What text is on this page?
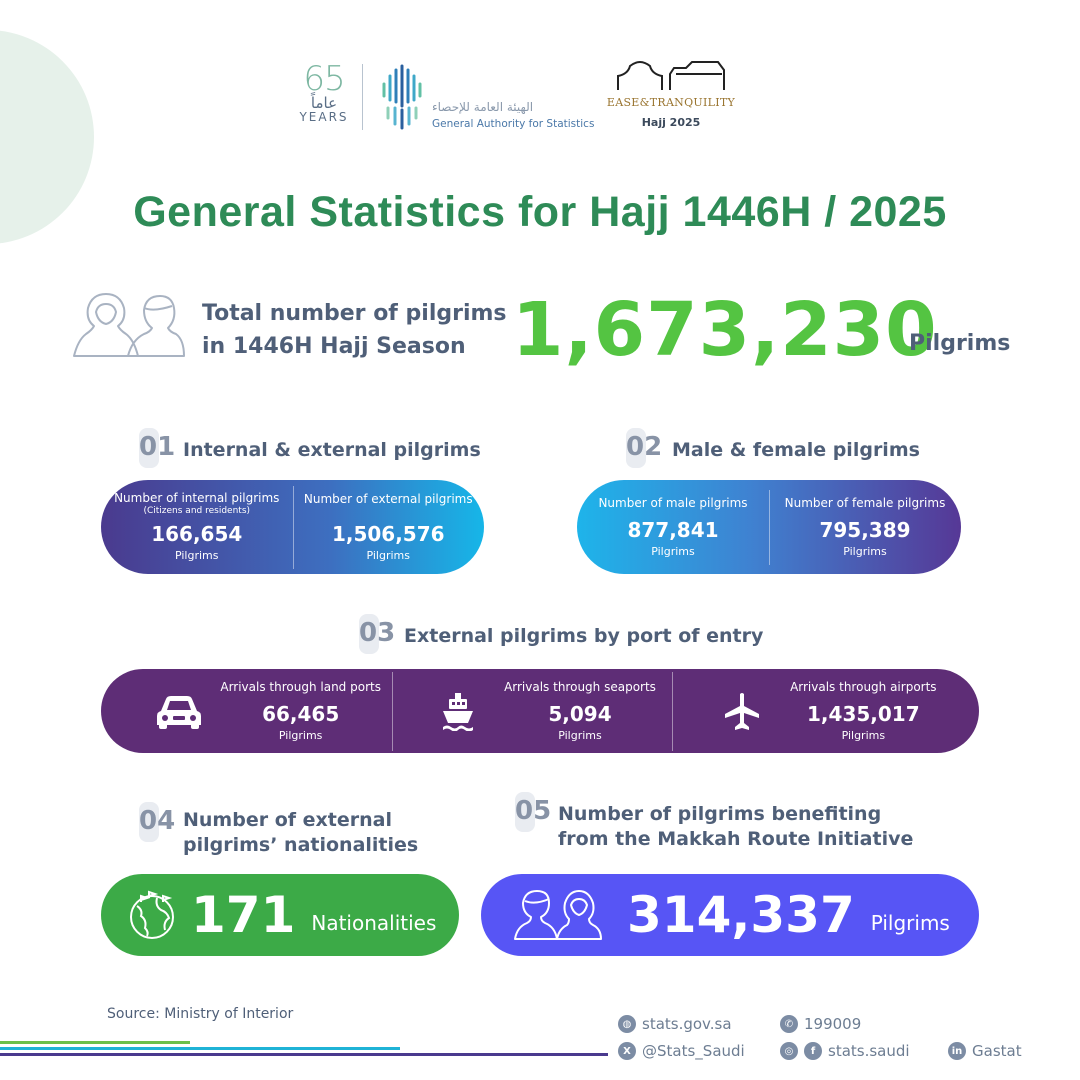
65
عاماً
YEARS
الهيئة العامة للإحصاء
General Authority for Statistics
EASE&TRANQUILITY
Hajj 2025
General Statistics for Hajj 1446H / 2025
Total number of pilgrims
in 1446H Hajj Season 1,673,230
Pilgrims
01 Internal & external pilgrims
Number of internal pilgrims
(Citizens and residents)
166,654
Pilgrims
Number of external pilgrims
1,506,576
Pilgrims
02 Male & female pilgrims
Number of male pilgrims
877,841
Pilgrims
Number of female pilgrims
795,389
Pilgrims
03 External pilgrims by port of entry
Arrivals through land ports
66,465
Pilgrims
Arrivals through seaports
5,094
Pilgrims
Arrivals through airports
1,435,017
Pilgrims
04 Number of external
pilgrims’ nationalities
171 Nationalities
05 Number of pilgrims benefiting
from the Makkah Route Initiative
314,337 Pilgrims
Source: Ministry of Interior
◍ stats.gov.sa	✆ 199009
X @Stats_Saudi	◎	f stats.saudi	in Gastat
